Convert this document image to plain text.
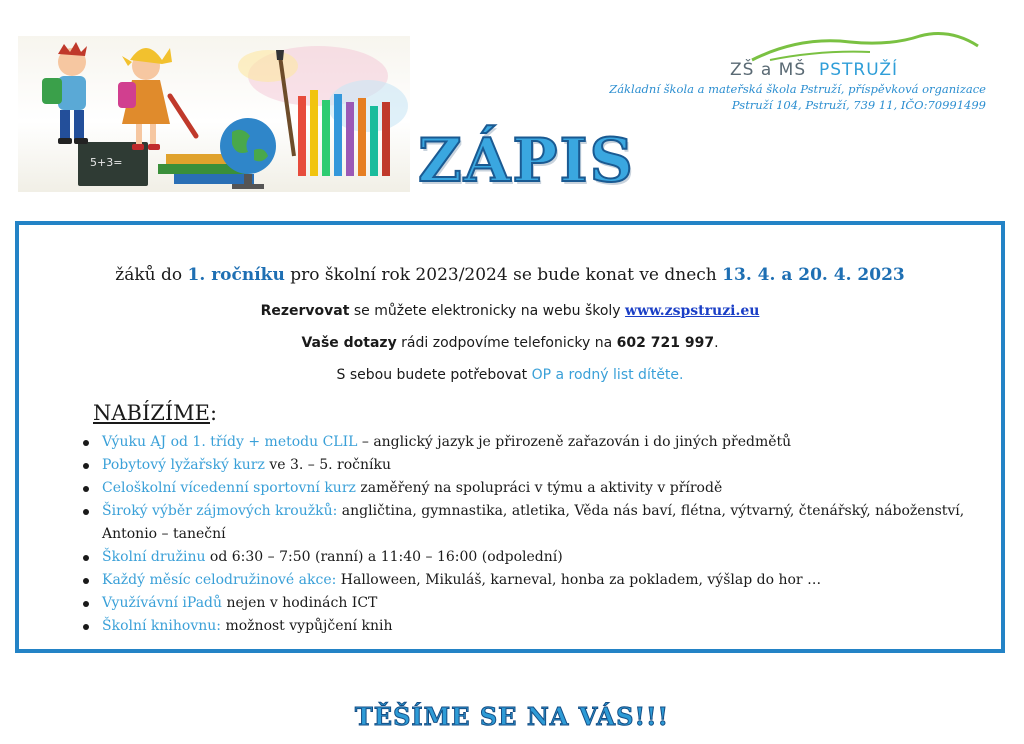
5+3=
ZŠ a MŠ PSTRUŽÍ
Základní škola a mateřská škola Pstruží, příspěvková organizace
Pstruží 104, Pstruží, 739 11, IČO:70991499
ZÁPIS
žáků do 1. ročníku pro školní rok 2023/2024 se bude konat ve dnech 13. 4. a 20. 4. 2023
Rezervovat se můžete elektronicky na webu školy www.zspstruzi.eu
Vaše dotazy rádi zodpovíme telefonicky na 602 721 997.
S sebou budete potřebovat OP a rodný list dítěte.
NABÍZÍME:
Výuku AJ od 1. třídy + metodu CLIL – anglický jazyk je přirozeně zařazován i do jiných předmětů
Pobytový lyžařský kurz ve 3. – 5. ročníku
Celoškolní vícedenní sportovní kurz zaměřený na spolupráci v týmu a aktivity v přírodě
Široký výběr zájmových kroužků: angličtina, gymnastika, atletika, Věda nás baví, flétna, výtvarný, čtenářský, náboženství, Antonio – taneční
Školní družinu od 6:30 – 7:50 (ranní) a 11:40 – 16:00 (odpolední)
Každý měsíc celodružinové akce: Halloween, Mikuláš, karneval, honba za pokladem, výšlap do hor …
Využívávní iPadů nejen v hodinách ICT
Školní knihovnu: možnost vypůjčení knih
TĚŠÍME SE NA VÁS!!!
